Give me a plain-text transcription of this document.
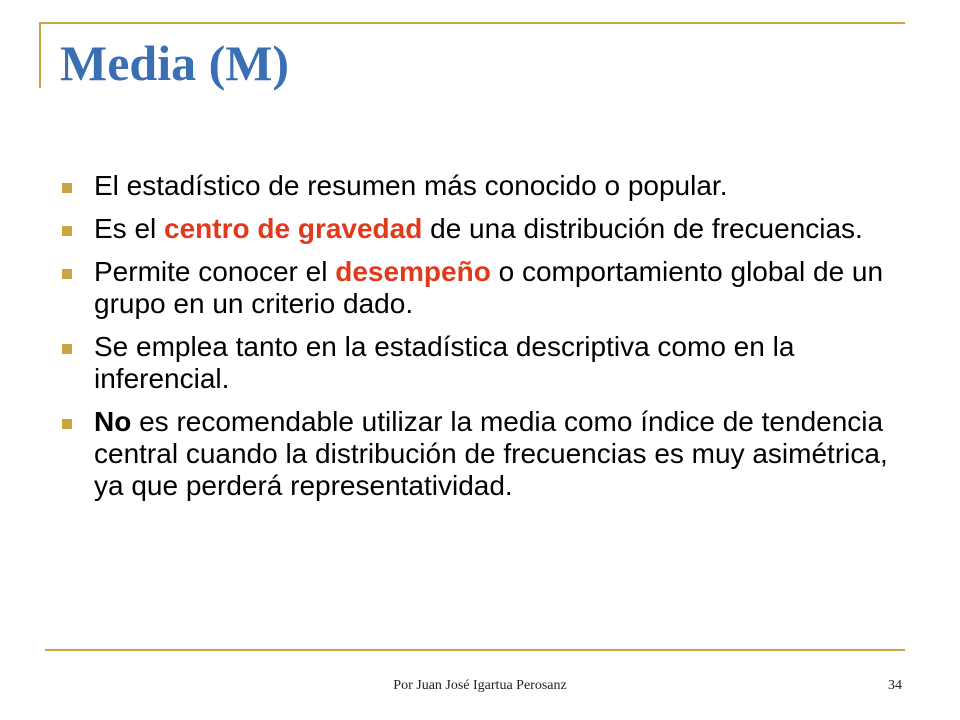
Media (M)
El estadístico de resumen más conocido o popular.
Es el centro de gravedad de una distribución de frecuencias.
Permite conocer el desempeño o comportamiento global de un grupo en un criterio dado.
Se emplea tanto en la estadística descriptiva como en la inferencial.
No es recomendable utilizar la media como índice de tendencia central cuando la distribución de frecuencias es muy asimétrica, ya que perderá representatividad.
Por Juan José Igartua Perosanz	34
